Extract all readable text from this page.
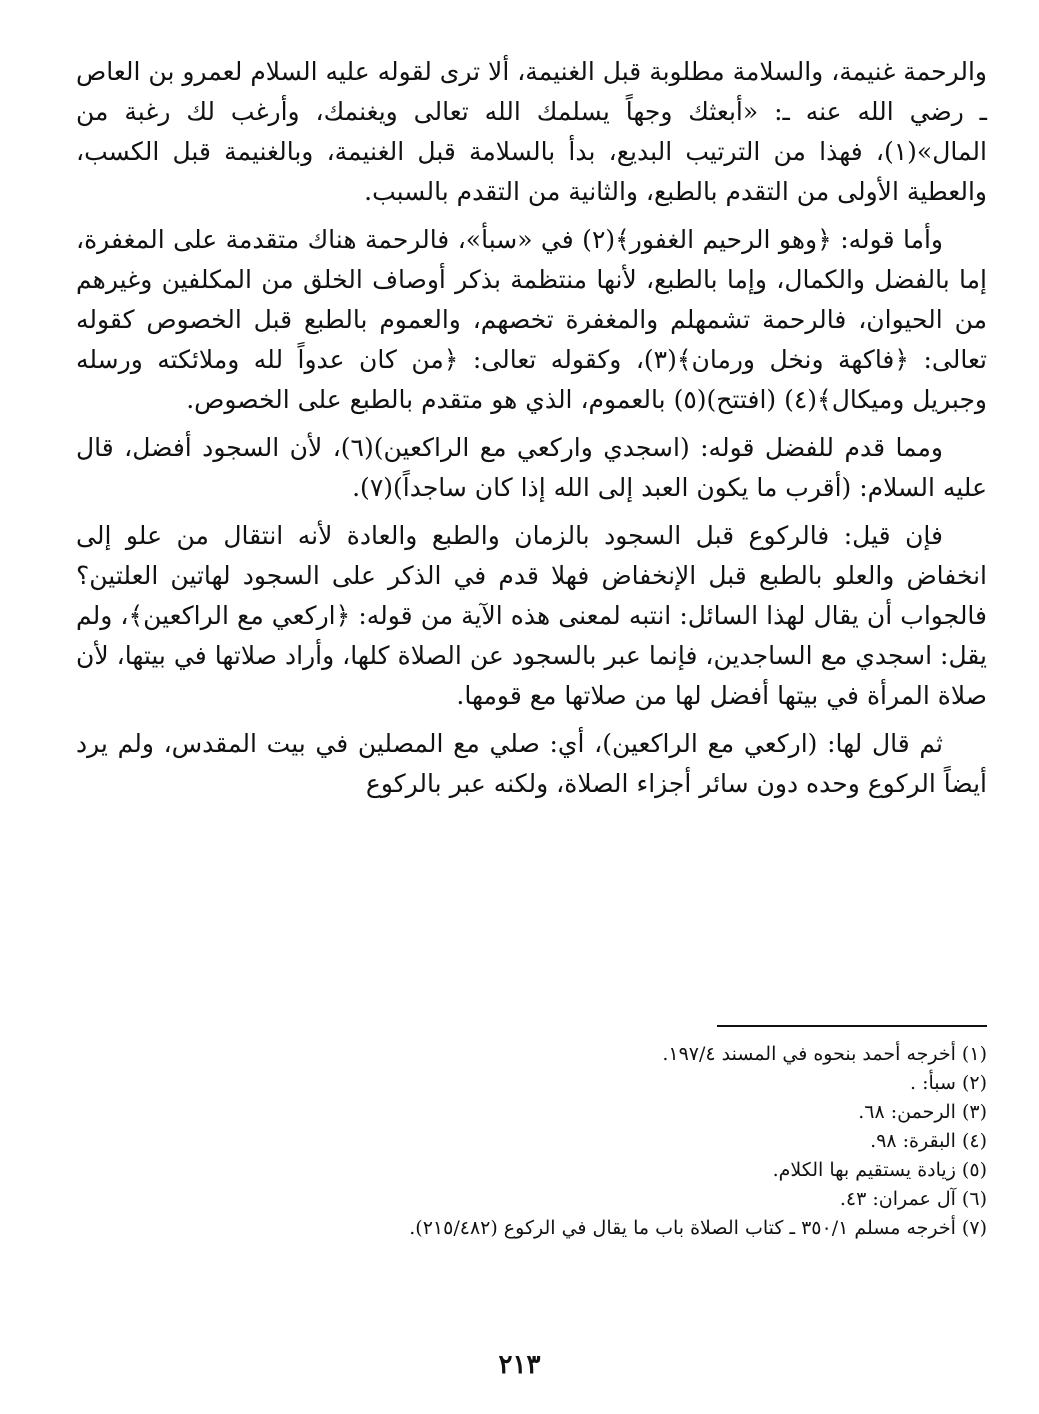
والرحمة غنيمة، والسلامة مطلوبة قبل الغنيمة، ألا ترى لقوله عليه السلام لعمرو بن العاص ـ رضي الله عنه ـ: «أبعثك وجهاً يسلمك الله تعالى ويغنمك، وأرغب لك رغبة من المال»(١)، فهذا من الترتيب البديع، بدأ بالسلامة قبل الغنيمة، وبالغنيمة قبل الكسب، والعطية الأولى من التقدم بالطبع، والثانية من التقدم بالسبب.

وأما قوله: ﴿وهو الرحيم الغفور﴾(٢) في «سبأ»، فالرحمة هناك متقدمة على المغفرة، إما بالفضل والكمال، وإما بالطبع، لأنها منتظمة بذكر أوصاف الخلق من المكلفين وغيرهم من الحيوان، فالرحمة تشمهلم والمغفرة تخصهم، والعموم بالطبع قبل الخصوص كقوله تعالى: ﴿فاكهة ونخل ورمان﴾(٣)، وكقوله تعالى: ﴿من كان عدواً لله وملائكته ورسله وجبريل وميكال﴾(٤) (افتتح)(٥) بالعموم، الذي هو متقدم بالطبع على الخصوص.

ومما قدم للفضل قوله: (اسجدي واركعي مع الراكعين)(٦)، لأن السجود أفضل، قال عليه السلام: (أقرب ما يكون العبد إلى الله إذا كان ساجداً)(٧).

فإن قيل: فالركوع قبل السجود بالزمان والطبع والعادة لأنه انتقال من علو إلى انخفاض والعلو بالطبع قبل الإنخفاض فهلا قدم في الذكر على السجود لهاتين العلتين؟ فالجواب أن يقال لهذا السائل: انتبه لمعنى هذه الآية من قوله: ﴿اركعي مع الراكعين﴾، ولم يقل: اسجدي مع الساجدين، فإنما عبر بالسجود عن الصلاة كلها، وأراد صلاتها في بيتها، لأن صلاة المرأة في بيتها أفضل لها من صلاتها مع قومها.

ثم قال لها: (اركعي مع الراكعين)، أي: صلي مع المصلين في بيت المقدس، ولم يرد أيضاً الركوع وحده دون سائر أجزاء الصلاة، ولكنه عبر بالركوع

(١) أخرجه أحمد بنحوه في المسند ١٩٧/٤.

(٢) سبأ: .

(٣) الرحمن: ٦٨.

(٤) البقرة: ٩٨.

(٥) زيادة يستقيم بها الكلام.

(٦) آل عمران: ٤٣.

(٧) أخرجه مسلم ٣٥٠/١ ـ كتاب الصلاة باب ما يقال في الركوع (٢١٥/٤٨٢).

٢١٣
